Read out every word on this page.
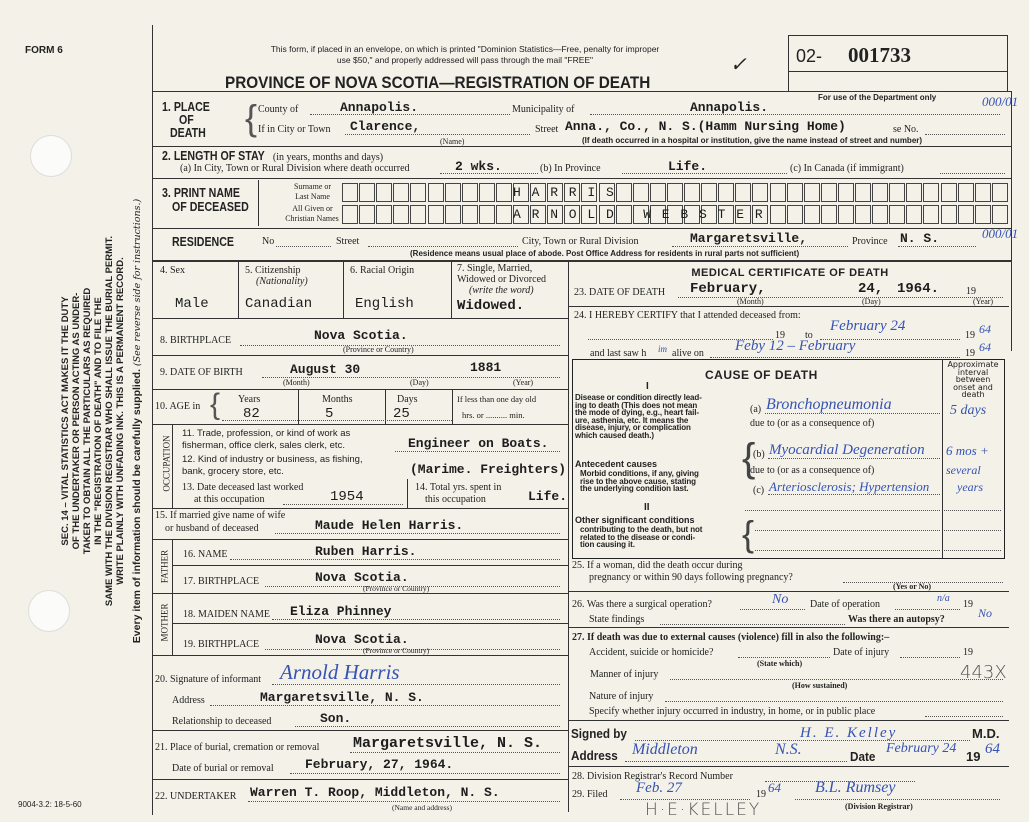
FORM 6	This form, if placed in an envelope, on which is printed "Dominion Statistics—Free, penalty for improper
use $50," and properly addressed will pass through the mail "FREE"
PROVINCE OF NOVA SCOTIA—REGISTRATION OF DEATH
✓	02- 001733
For use of the Department only	000/01
000/01
SEC. 14 – VITAL STATISTICS ACT MAKES IT THE DUTY OF THE UNDERTAKER OR PERSON ACTING AS UNDER- TAKER TO OBTAIN ALL THE PARTICULARS AS REQUIRED IN THE "REGISTRATION OF DEATH" AND TO FILE THE SAME WITH THE DIVISION REGISTRAR WHO SHALL ISSUE THE BURIAL PERMIT. WRITE PLAINLY WITH UNFADING INK. THIS IS A PERMANENT RECORD. Every item of information should be carefully supplied. (See reverse side for instructions.)
1. PLACE
OF
DEATH { County of	Annapolis.	Municipality of	Annapolis.
If in City or Town Clarence,
(Name)
Street	se No.
Anna., Co., N. S.(Hamm Nursing Home)
(If death occurred in a hospital or institution, give the name instead of street and number)
2. LENGTH OF STAY (in years, months and days)
(a) In City, Town or Rural Division where death occurred	2 wks.	(b) In Province	Life.	(c) In Canada (if immigrant)
3. PRINT NAME
OF DECEASED
Surname or
Last Name
All Given or
Christian Names
HARRIS
ARNOLD WEBSTER
RESIDENCE	No	Street	City, Town or Rural Division	Margaretsville,	Province N. S.
(Residence means usual place of abode. Post Office Address for residents in rural parts not sufficient)
4. Sex
Male
5. Citizenship
(Nationality)
Canadian
6. Racial Origin
English
7. Single, Married,
Widowed or Divorced
(write the word)
Widowed.
8. BIRTHPLACE	Nova Scotia.
(Province or Country)
9. DATE OF BIRTH	August 30	1881
(Month)	(Day)	(Year)
10. AGE in { Years
82
Months
5
Days
25
If less than one day old
hrs. or .......... min.
OCCUPATION
11. Trade, profession, or kind of work as
fisherman, office clerk, sales clerk, etc.	Engineer on Boats.
12. Kind of industry or business, as fishing,
bank, grocery store, etc.	(Marime. Freighters)
13. Date deceased last worked
at this occupation	1954
14. Total yrs. spent in
this occupation	Life.
15. If married give name of wife
or husband of deceased	Maude Helen Harris.
FATHER 16. NAME	Ruben Harris.
17. BIRTHPLACE	Nova Scotia.
(Province or Country)
MOTHER 18. MAIDEN NAME Eliza Phinney
19. BIRTHPLACE	Nova Scotia.
(Province or Country)
20. Signature of informant Arnold Harris
Address	Margaretsville, N. S.
Relationship to deceased	Son.
21. Place of burial, cremation or removal Margaretsville, N. S.
Date of burial or removal February, 27, 1964.
22. UNDERTAKER Warren T. Roop, Middleton, N. S.
(Name and address)
9004-3.2: 18-5-60
MEDICAL CERTIFICATE OF DEATH
23. DATE OF DEATH February,	24, 1964.	19
(Month)	(Day)	(Year)
24. I HEREBY CERTIFY that I attended deceased from:
19 to
February 24
19 64
and last saw h im alive on Feby 12 – February	19 64
CAUSE OF DEATH
Approximate interval between onset and death
I
II
Disease or condition directly lead-
ing to death (This does not mean
the mode of dying, e.g., heart fail-
ure, asthenia, etc. It means the
disease, injury, or complication
which caused death.)
Antecedent causes
Morbid conditions, if any, giving
rise to the above cause, stating
the underlying condition last.
Other significant conditions
contributing to the death, but not
related to the disease or condi-
tion causing it.
(a) Bronchopneumonia	5 days
due to (or as a consequence of)
{
(b) Myocardial Degeneration 6 mos +
due to (or as a consequence of)	several
(c) Arteriosclerosis; Hypertension years
{
25. If a woman, did the death occur during
pregnancy or within 90 days following pregnancy?
(Yes or No)
26. Was there a surgical operation?	No Date of operation
n/a
19
State findings	Was there an autopsy?	No
27. If death was due to external causes (violence) fill in also the following:–
Accident, suicide or homicide?	Date of injury	19
(State which)
Manner of injury	443X
(How sustained)
Nature of injury
Specify whether injury occurred in industry, in home, or in public place
Signed by	H. E. Kelley	M.D.
Address Middleton	N.S.	Date
February 24
19 64
28. Division Registrar's Record Number
29. Filed Feb. 27	19 64 B.L. Rumsey
(Division Registrar)
H·E·KELLEY
